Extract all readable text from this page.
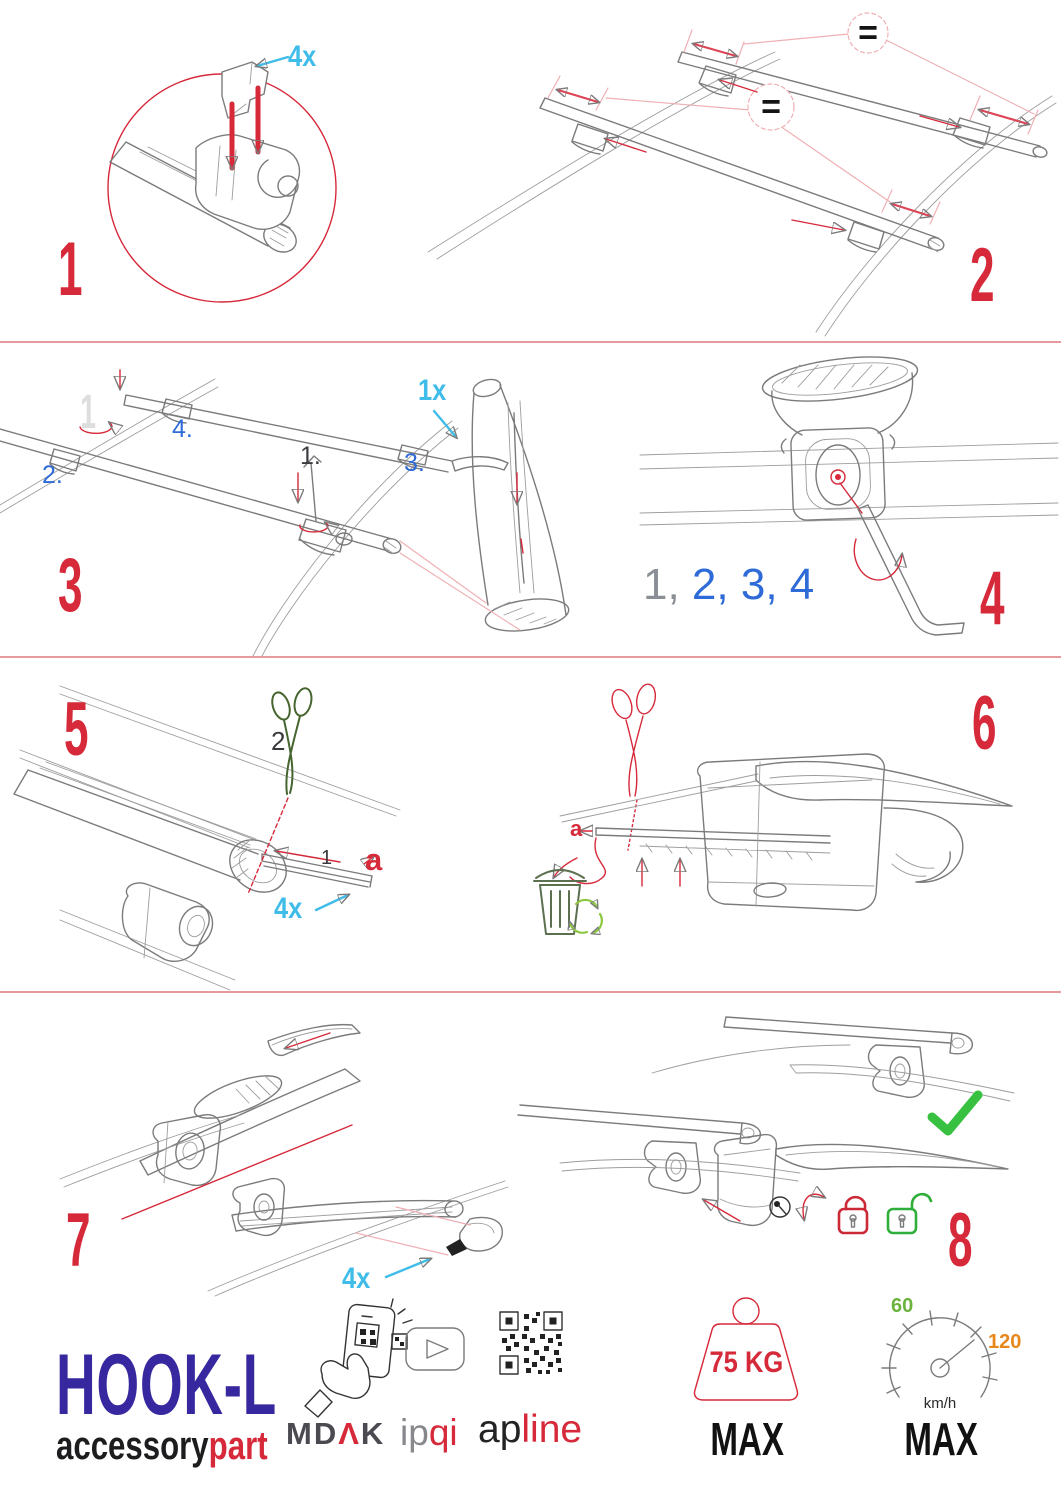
1	2
4x
=
=
3	4
1x
1
1.
2.	3.
4.
1, 2, 3, 4
5	6
2
1 a
a
4x
7	8
4x
HOOK-L
accessorypart MDΛK ipqi apline
75 KG
MAX
60
120
km/h
MAX
